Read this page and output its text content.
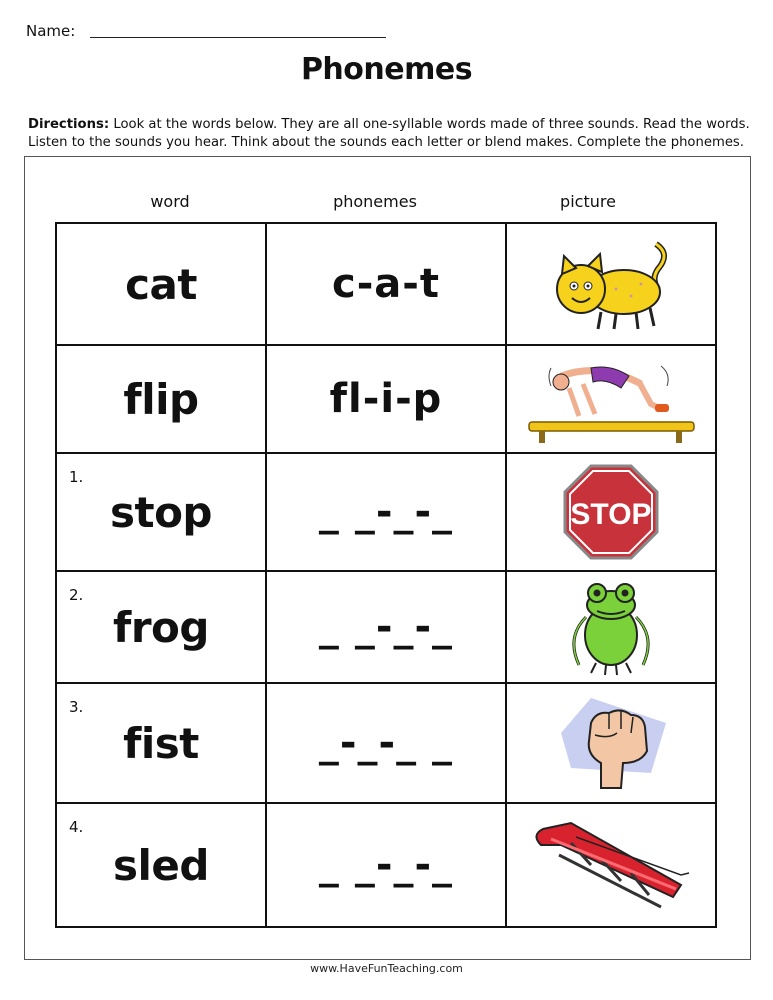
Name:
Phonemes
Directions: Look at the words below. They are all one-syllable words made of three sounds. Read the words. Listen to the sounds you hear. Think about the sounds each letter or blend makes. Complete the phonemes.
word	phonemes	picture
cat	c-a-t

flip	fl-i-p

1.
stop	_ _-_-_	STOP

2.
frog	_ _-_-_

3.
fist	_-_-_ _

4.
sled	_ _-_-_

www.HaveFunTeaching.com
